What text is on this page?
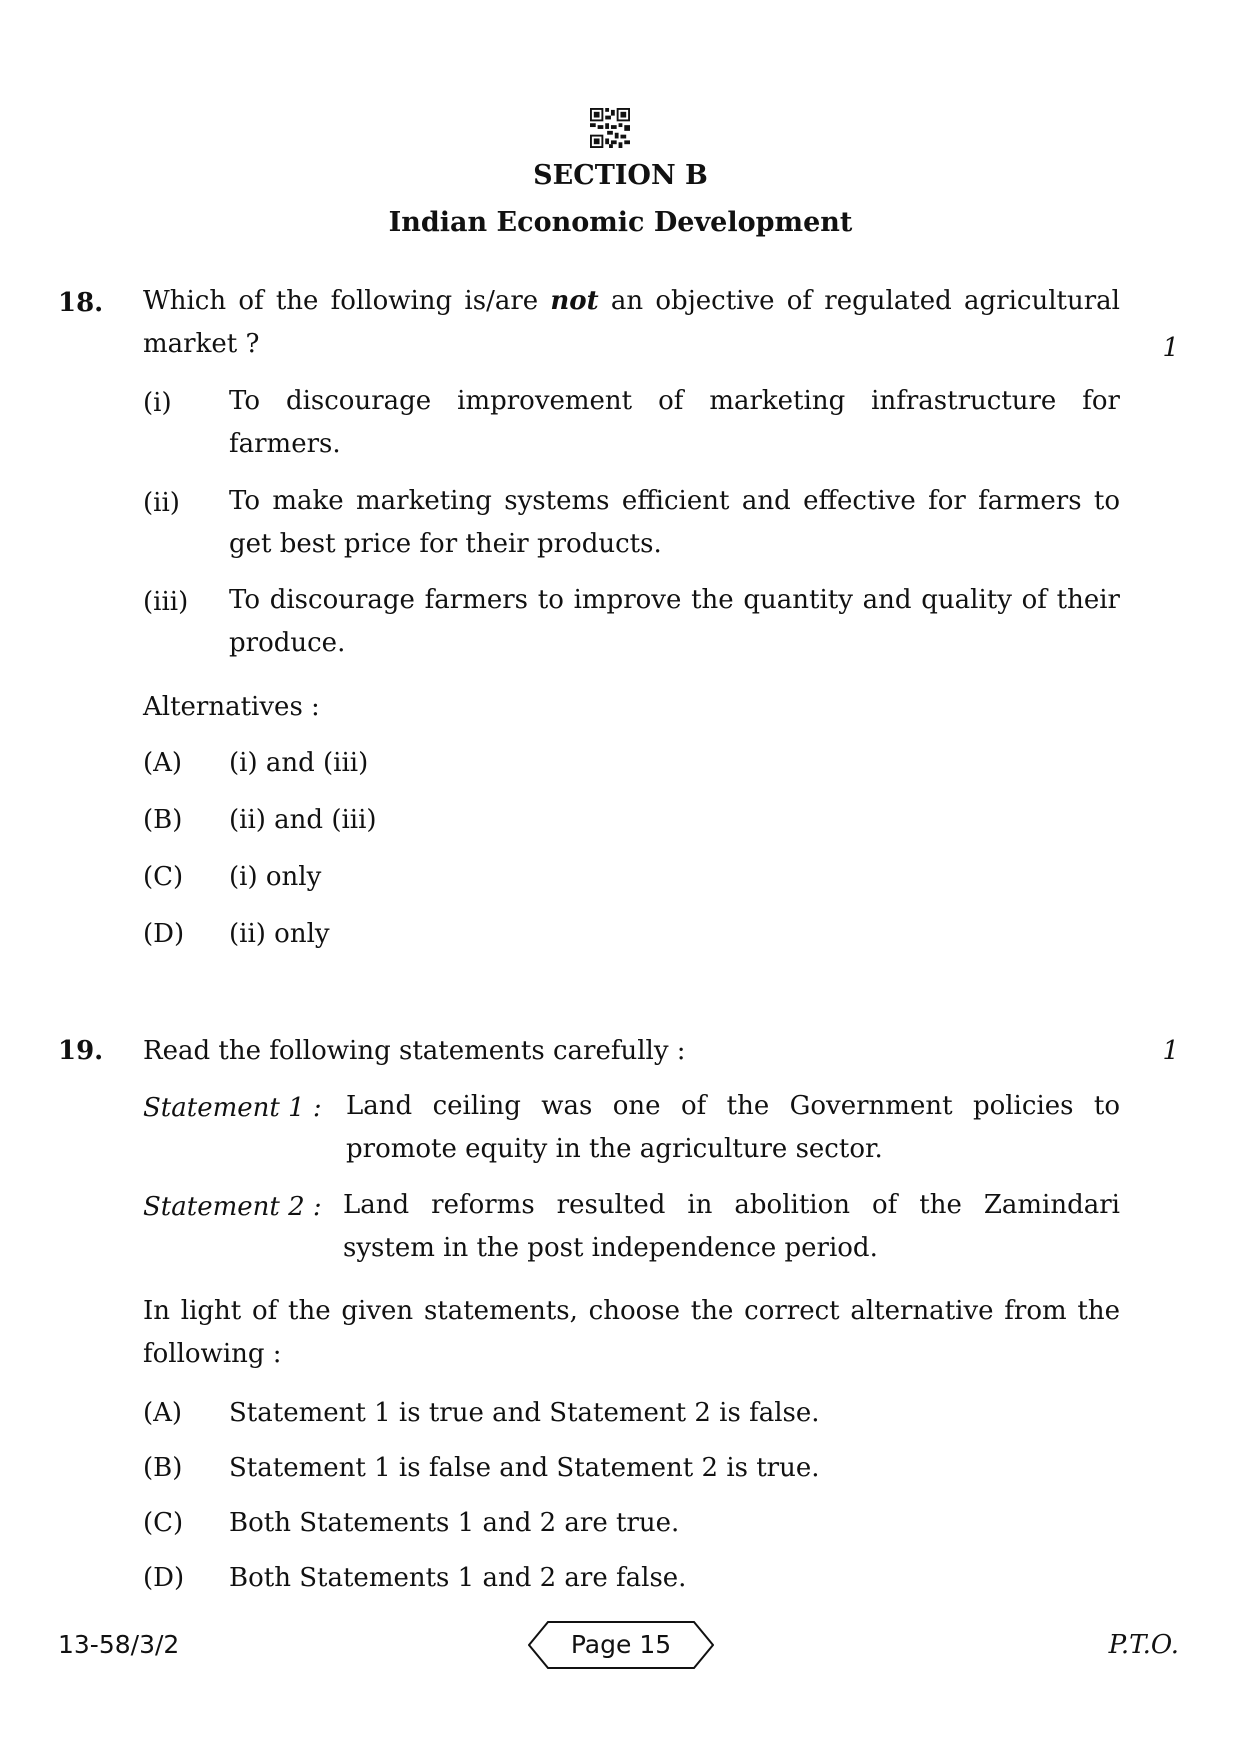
SECTION B
Indian Economic Development
18. Which of the following is/are not an objective of regulated agricultural market ?	1
(i) To discourage improvement of marketing infrastructure for farmers.
(ii) To make marketing systems efficient and effective for farmers to get best price for their products.
(iii) To discourage farmers to improve the quantity and quality of their produce.
Alternatives :
(A) (i) and (iii)
(B) (ii) and (iii)
(C) (i) only
(D) (ii) only
19. Read the following statements carefully :	1
Statement 1 : Land ceiling was one of the Government policies to promote equity in the agriculture sector.
Statement 2 : Land reforms resulted in abolition of the Zamindari system in the post independence period.
In light of the given statements, choose the correct alternative from the following :
(A) Statement 1 is true and Statement 2 is false.
(B) Statement 1 is false and Statement 2 is true.
(C) Both Statements 1 and 2 are true.
(D) Both Statements 1 and 2 are false.
13-58/3/2	Page 15	P.T.O.
